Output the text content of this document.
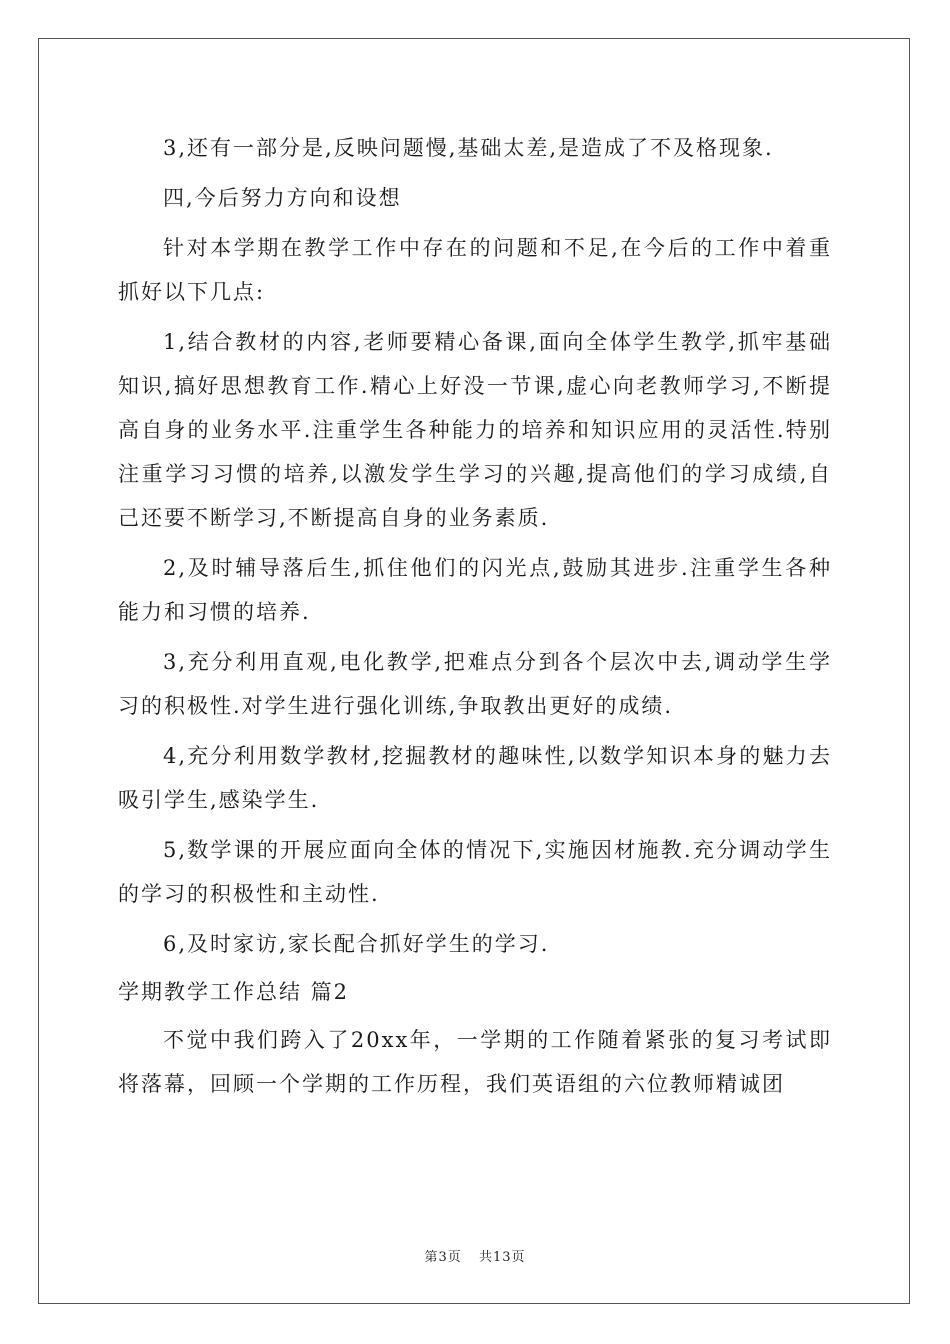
3,还有一部分是,反映问题慢,基础太差,是造成了不及格现象.

四,今后努力方向和设想

针对本学期在教学工作中存在的问题和不足,在今后的工作中着重抓好以下几点:

1,结合教材的内容,老师要精心备课,面向全体学生教学,抓牢基础知识,搞好思想教育工作.精心上好没一节课,虚心向老教师学习,不断提高自身的业务水平.注重学生各种能力的培养和知识应用的灵活性.特别注重学习习惯的培养,以激发学生学习的兴趣,提高他们的学习成绩,自己还要不断学习,不断提高自身的业务素质.

2,及时辅导落后生,抓住他们的闪光点,鼓励其进步.注重学生各种能力和习惯的培养.

3,充分利用直观,电化教学,把难点分到各个层次中去,调动学生学习的积极性.对学生进行强化训练,争取教出更好的成绩.

4,充分利用数学教材,挖掘教材的趣味性,以数学知识本身的魅力去吸引学生,感染学生.

5,数学课的开展应面向全体的情况下,实施因材施教.充分调动学生的学习的积极性和主动性.

6,及时家访,家长配合抓好学生的学习.

学期教学工作总结 篇2

不觉中我们跨入了20xx年，一学期的工作随着紧张的复习考试即将落幕，回顾一个学期的工作历程，我们英语组的六位教师精诚团

第3页 共13页
